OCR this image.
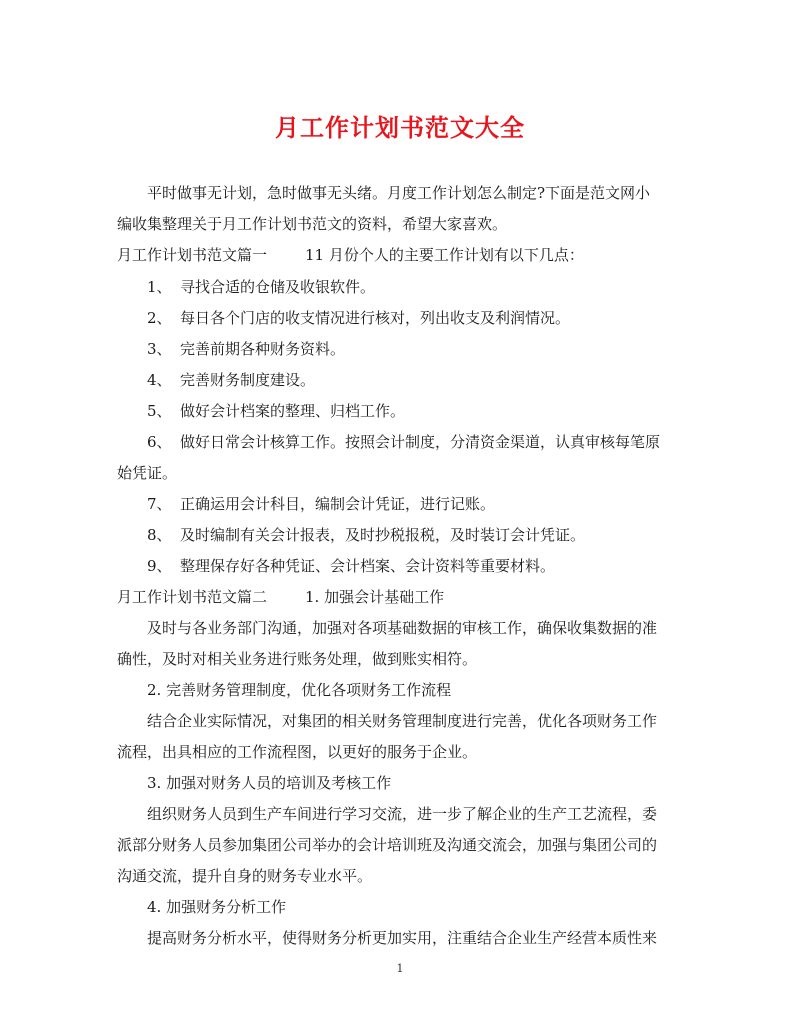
月工作计划书范文大全
平时做事无计划，急时做事无头绪。月度工作计划怎么制定?下面是范文网小
编收集整理关于月工作计划书范文的资料，希望大家喜欢。
月工作计划书范文篇一	11 月份个人的主要工作计划有以下几点：
1、 寻找合适的仓储及收银软件。
2、 每日各个门店的收支情况进行核对，列出收支及利润情况。
3、 完善前期各种财务资料。
4、 完善财务制度建设。
5、 做好会计档案的整理、归档工作。
6、 做好日常会计核算工作。按照会计制度，分清资金渠道，认真审核每笔原
始凭证。
7、 正确运用会计科目，编制会计凭证，进行记账。
8、 及时编制有关会计报表，及时抄税报税，及时装订会计凭证。
9、 整理保存好各种凭证、会计档案、会计资料等重要材料。
月工作计划书范文篇二	1. 加强会计基础工作
及时与各业务部门沟通，加强对各项基础数据的审核工作，确保收集数据的准
确性，及时对相关业务进行账务处理，做到账实相符。
2. 完善财务管理制度，优化各项财务工作流程
结合企业实际情况，对集团的相关财务管理制度进行完善，优化各项财务工作
流程，出具相应的工作流程图，以更好的服务于企业。
3. 加强对财务人员的培训及考核工作
组织财务人员到生产车间进行学习交流，进一步了解企业的生产工艺流程，委
派部分财务人员参加集团公司举办的会计培训班及沟通交流会，加强与集团公司的
沟通交流，提升自身的财务专业水平。
4. 加强财务分析工作
提高财务分析水平，使得财务分析更加实用，注重结合企业生产经营本质性来
1
